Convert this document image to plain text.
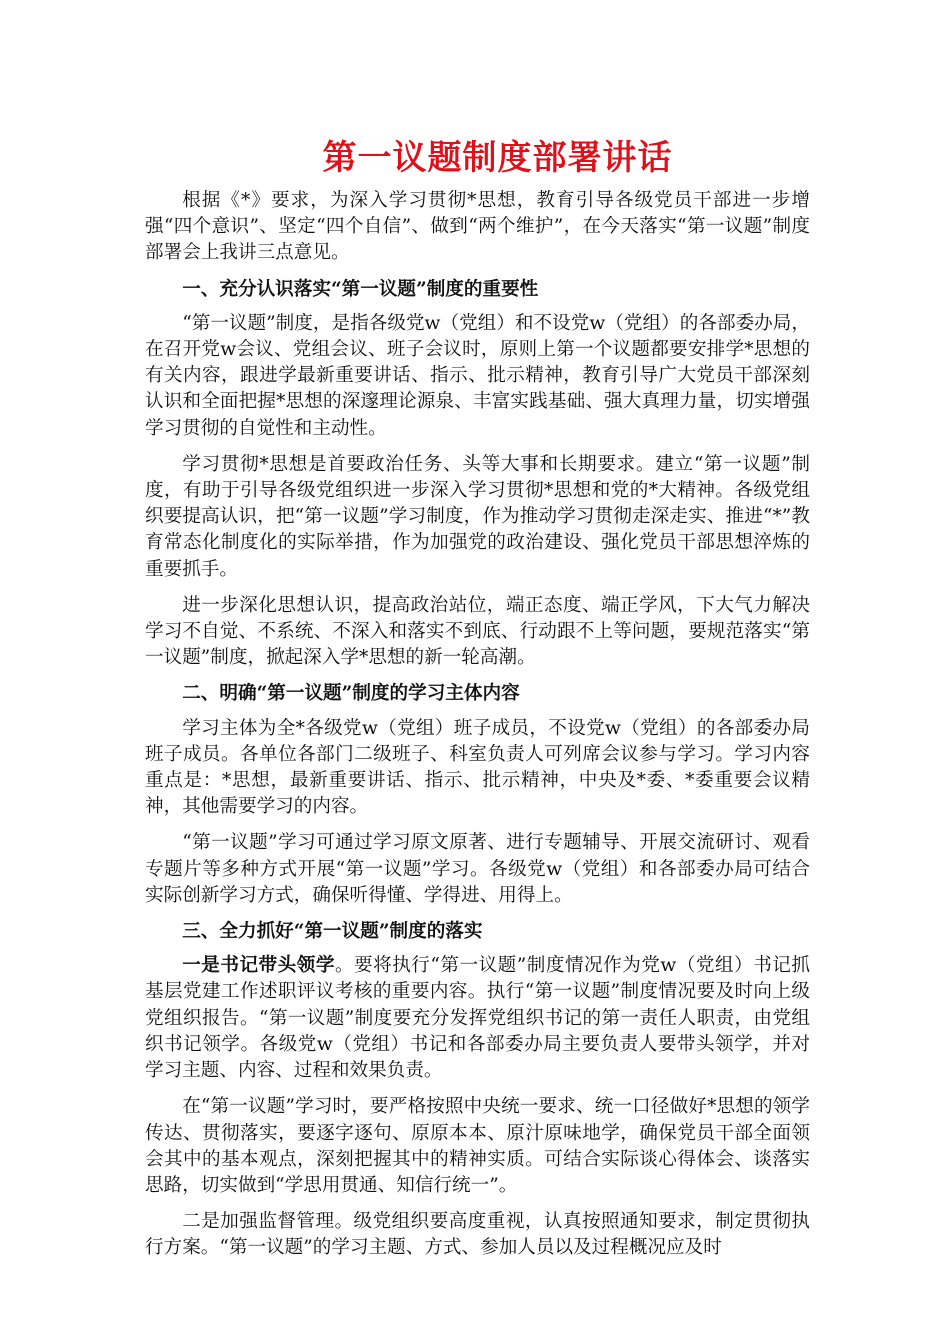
第一议题制度部署讲话

根据《*》要求，为深入学习贯彻*思想，教育引导各级党员干部进一步增强“四个意识”、坚定“四个自信”、做到“两个维护”，在今天落实“第一议题”制度部署会上我讲三点意见。

一、充分认识落实“第一议题”制度的重要性

“第一议题”制度，是指各级党w（党组）和不设党w（党组）的各部委办局，在召开党w会议、党组会议、班子会议时，原则上第一个议题都要安排学*思想的有关内容，跟进学最新重要讲话、指示、批示精神，教育引导广大党员干部深刻认识和全面把握*思想的深邃理论源泉、丰富实践基础、强大真理力量，切实增强学习贯彻的自觉性和主动性。

学习贯彻*思想是首要政治任务、头等大事和长期要求。建立“第一议题”制度，有助于引导各级党组织进一步深入学习贯彻*思想和党的*大精神。各级党组织要提高认识，把“第一议题”学习制度，作为推动学习贯彻走深走实、推进“*”教育常态化制度化的实际举措，作为加强党的政治建设、强化党员干部思想淬炼的重要抓手。

进一步深化思想认识，提高政治站位，端正态度、端正学风，下大气力解决学习不自觉、不系统、不深入和落实不到底、行动跟不上等问题，要规范落实“第一议题”制度，掀起深入学*思想的新一轮高潮。

二、明确“第一议题”制度的学习主体内容

学习主体为全*各级党w（党组）班子成员，不设党w（党组）的各部委办局班子成员。各单位各部门二级班子、科室负责人可列席会议参与学习。学习内容重点是：*思想，最新重要讲话、指示、批示精神，中央及*委、*委重要会议精神，其他需要学习的内容。

“第一议题”学习可通过学习原文原著、进行专题辅导、开展交流研讨、观看专题片等多种方式开展“第一议题”学习。各级党w（党组）和各部委办局可结合实际创新学习方式，确保听得懂、学得进、用得上。

三、全力抓好“第一议题”制度的落实

一是书记带头领学。要将执行“第一议题”制度情况作为党w（党组）书记抓基层党建工作述职评议考核的重要内容。执行“第一议题”制度情况要及时向上级党组织报告。“第一议题”制度要充分发挥党组织书记的第一责任人职责，由党组织书记领学。各级党w（党组）书记和各部委办局主要负责人要带头领学，并对学习主题、内容、过程和效果负责。

在“第一议题”学习时，要严格按照中央统一要求、统一口径做好*思想的领学传达、贯彻落实，要逐字逐句、原原本本、原汁原味地学，确保党员干部全面领会其中的基本观点，深刻把握其中的精神实质。可结合实际谈心得体会、谈落实思路，切实做到“学思用贯通、知信行统一”。

二是加强监督管理。级党组织要高度重视，认真按照通知要求，制定贯彻执行方案。“第一议题”的学习主题、方式、参加人员以及过程概况应及时
